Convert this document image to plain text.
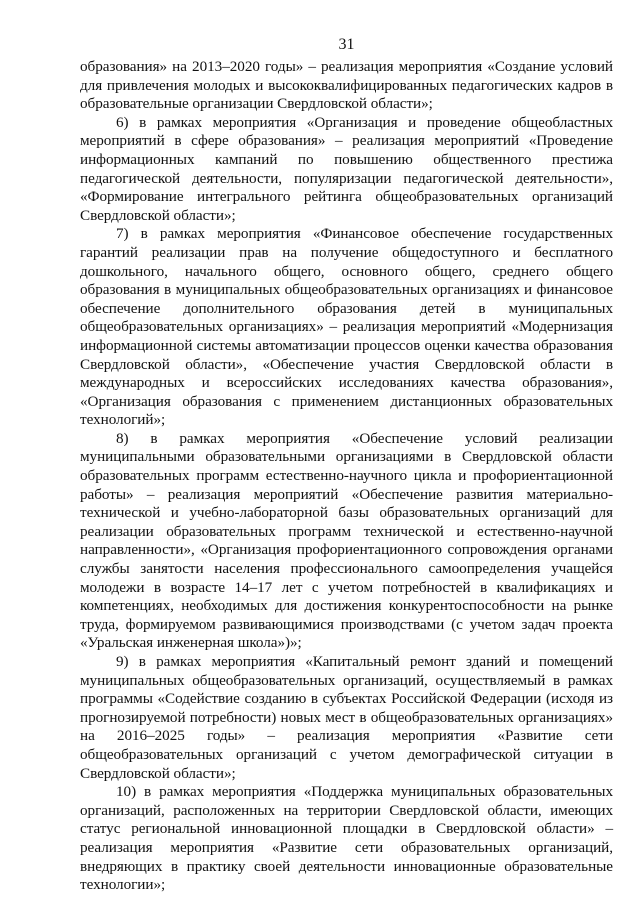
31

образования» на 2013–2020 годы» – реализация мероприятия «Создание условий для привлечения молодых и высококвалифицированных педагогических кадров в образовательные организации Свердловской области»;

6) в рамках мероприятия «Организация и проведение общеобластных мероприятий в сфере образования» – реализация мероприятий «Проведение информационных кампаний по повышению общественного престижа педагогической деятельности, популяризации педагогической деятельности», «Формирование интегрального рейтинга общеобразовательных организаций Свердловской области»;

7) в рамках мероприятия «Финансовое обеспечение государственных гарантий реализации прав на получение общедоступного и бесплатного дошкольного, начального общего, основного общего, среднего общего образования в муниципальных общеобразовательных организациях и финансовое обеспечение дополнительного образования детей в муниципальных общеобразовательных организациях» – реализация мероприятий «Модернизация информационной системы автоматизации процессов оценки качества образования Свердловской области», «Обеспечение участия Свердловской области в международных и всероссийских исследованиях качества образования», «Организация образования с применением дистанционных образовательных технологий»;

8) в рамках мероприятия «Обеспечение условий реализации муниципальными образовательными организациями в Свердловской области образовательных программ естественно-научного цикла и профориентационной работы» – реализация мероприятий «Обеспечение развития материально-технической и учебно-лабораторной базы образовательных организаций для реализации образовательных программ технической и естественно-научной направленности», «Организация профориентационного сопровождения органами службы занятости населения профессионального самоопределения учащейся молодежи в возрасте 14–17 лет с учетом потребностей в квалификациях и компетенциях, необходимых для достижения конкурентоспособности на рынке труда, формируемом развивающимися производствами (с учетом задач проекта «Уральская инженерная школа»)»;

9) в рамках мероприятия «Капитальный ремонт зданий и помещений муниципальных общеобразовательных организаций, осуществляемый в рамках программы «Содействие созданию в субъектах Российской Федерации (исходя из прогнозируемой потребности) новых мест в общеобразовательных организациях» на 2016–2025 годы» – реализация мероприятия «Развитие сети общеобразовательных организаций с учетом демографической ситуации в Свердловской области»;

10) в рамках мероприятия «Поддержка муниципальных образовательных организаций, расположенных на территории Свердловской области, имеющих статус региональной инновационной площадки в Свердловской области» – реализация мероприятия «Развитие сети образовательных организаций, внедряющих в практику своей деятельности инновационные образовательные технологии»;
